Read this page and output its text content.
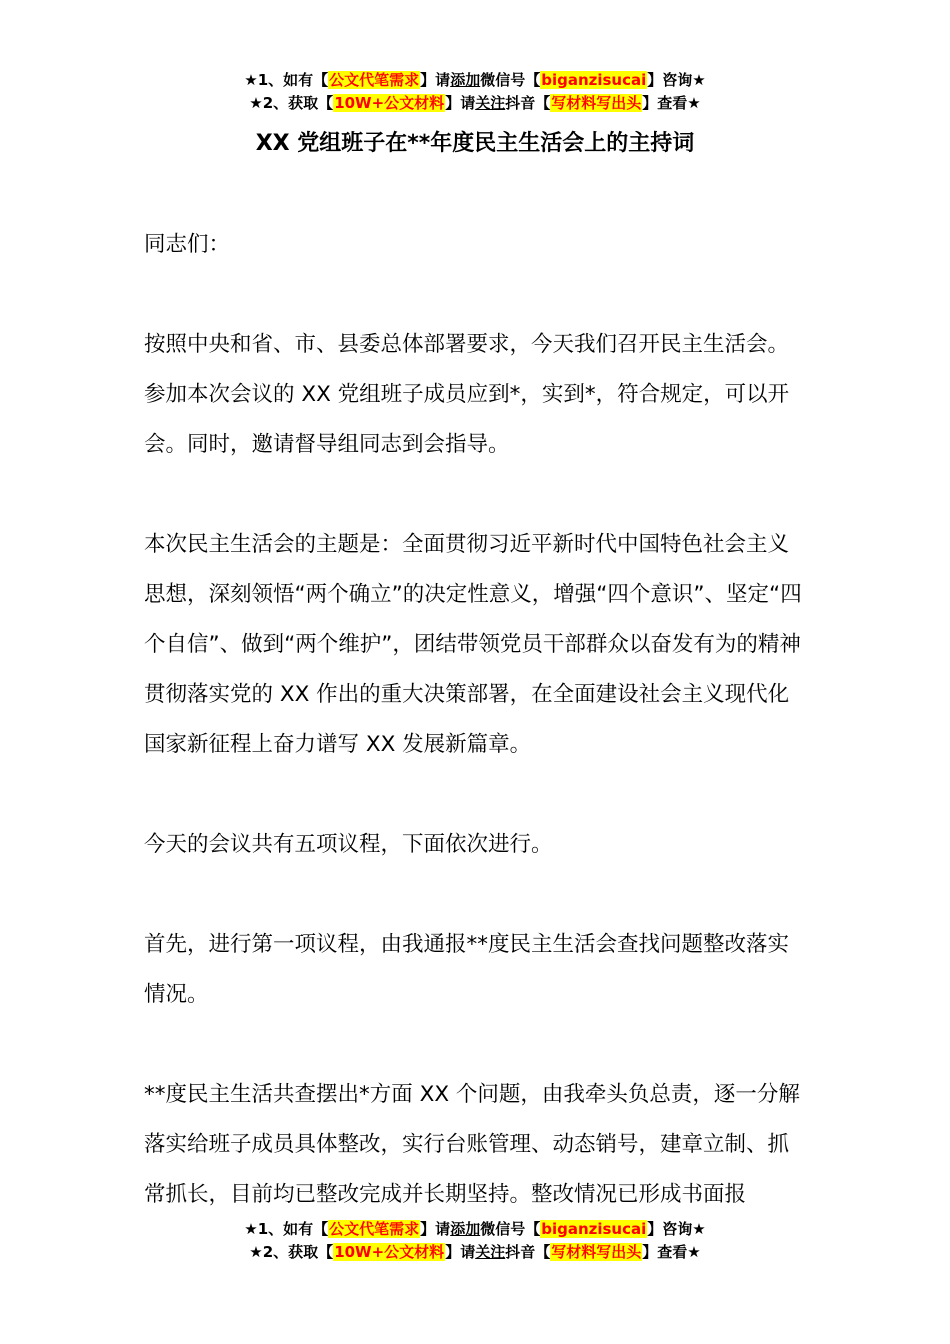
★1、如有【公文代笔需求】请添加微信号【biganzisucai】咨询★
★2、获取【10W+公文材料】请关注抖音【写材料写出头】查看★
XX 党组班子在**年度民主生活会上的主持词

同志们：

按照中央和省、市、县委总体部署要求，今天我们召开民主生活会。参加本次会议的 XX 党组班子成员应到*，实到*，符合规定，可以开会。同时，邀请督导组同志到会指导。

本次民主生活会的主题是：全面贯彻习近平新时代中国特色社会主义思想，深刻领悟“两个确立”的决定性意义，增强“四个意识”、坚定“四个自信”、做到“两个维护”，团结带领党员干部群众以奋发有为的精神贯彻落实党的 XX 作出的重大决策部署，在全面建设社会主义现代化国家新征程上奋力谱写 XX 发展新篇章。

今天的会议共有五项议程，下面依次进行。

首先，进行第一项议程，由我通报**度民主生活会查找问题整改落实情况。

**度民主生活共查摆出*方面 XX 个问题，由我牵头负总责，逐一分解落实给班子成员具体整改，实行台账管理、动态销号，建章立制、抓常抓长，目前均已整改完成并长期坚持。整改情况已形成书面报

★1、如有【公文代笔需求】请添加微信号【biganzisucai】咨询★
★2、获取【10W+公文材料】请关注抖音【写材料写出头】查看★
